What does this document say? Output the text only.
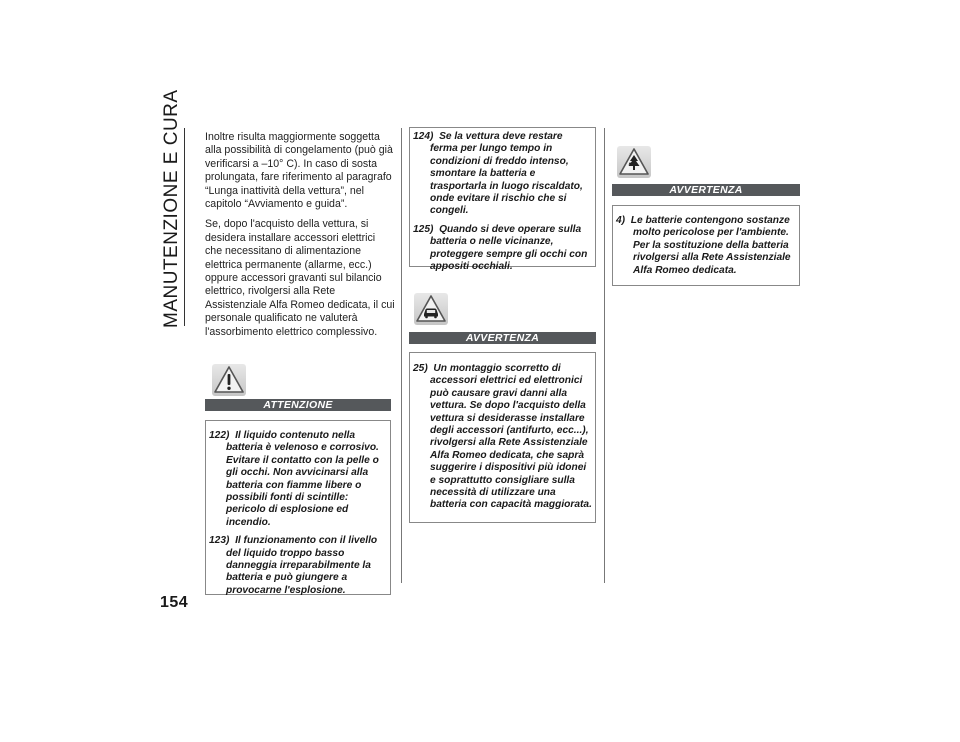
MANUTENZIONE E CURA
154

Inoltre risulta maggiormente soggetta alla possibilità di congelamento (può già verificarsi a –10° C). In caso di sosta prolungata, fare riferimento al paragrafo “Lunga inattività della vettura”, nel capitolo “Avviamento e guida”.

Se, dopo l'acquisto della vettura, si desidera installare accessori elettrici che necessitano di alimentazione elettrica permanente (allarme, ecc.) oppure accessori gravanti sul bilancio elettrico, rivolgersi alla Rete Assistenziale Alfa Romeo dedicata, il cui personale qualificato ne valuterà l'assorbimento elettrico complessivo.

ATTENZIONE
122) Il liquido contenuto nella batteria è velenoso e corrosivo. Evitare il contatto con la pelle o gli occhi. Non avvicinarsi alla batteria con fiamme libere o possibili fonti di scintille: pericolo di esplosione ed incendio.
123) Il funzionamento con il livello del liquido troppo basso danneggia irreparabilmente la batteria e può giungere a provocarne l'esplosione.
124) Se la vettura deve restare ferma per lungo tempo in condizioni di freddo intenso, smontare la batteria e trasportarla in luogo riscaldato, onde evitare il rischio che si congeli.
125) Quando si deve operare sulla batteria o nelle vicinanze, proteggere sempre gli occhi con appositi occhiali.
AVVERTENZA
25) Un montaggio scorretto di accessori elettrici ed elettronici può causare gravi danni alla vettura. Se dopo l'acquisto della vettura si desiderasse installare degli accessori (antifurto, ecc...), rivolgersi alla Rete Assistenziale Alfa Romeo dedicata, che saprà suggerire i dispositivi più idonei e soprattutto consigliare sulla necessità di utilizzare una batteria con capacità maggiorata.
AVVERTENZA
4) Le batterie contengono sostanze molto pericolose per l'ambiente. Per la sostituzione della batteria rivolgersi alla Rete Assistenziale Alfa Romeo dedicata.
